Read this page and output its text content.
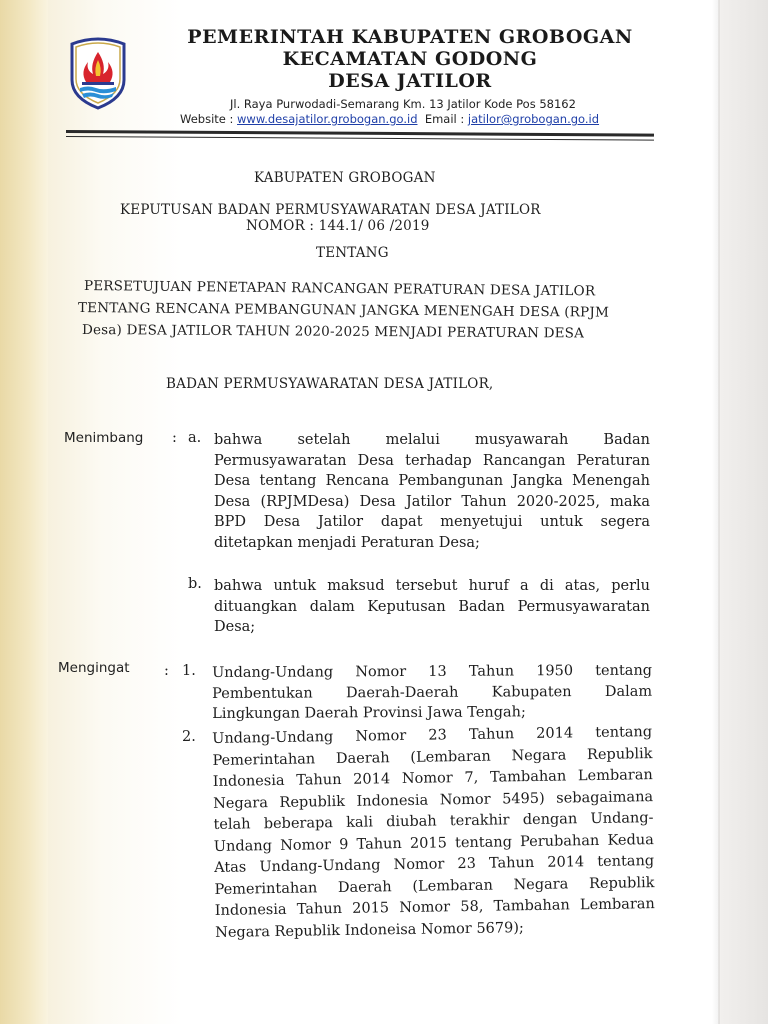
PEMERINTAH KABUPATEN GROBOGAN
KECAMATAN GODONG
DESA JATILOR
Jl. Raya Purwodadi-Semarang Km. 13 Jatilor Kode Pos 58162
Website : www.desajatilor.grobogan.go.id Email : jatilor@grobogan.go.id
KABUPATEN GROBOGAN
KEPUTUSAN BADAN PERMUSYAWARATAN DESA JATILOR
NOMOR : 144.1/ 06 /2019
TENTANG
PERSETUJUAN PENETAPAN RANCANGAN PERATURAN DESA JATILOR
TENTANG RENCANA PEMBANGUNAN JANGKA MENENGAH DESA (RPJM
Desa) DESA JATILOR TAHUN 2020-2025 MENJADI PERATURAN DESA
BADAN PERMUSYAWARATAN DESA JATILOR,
Menimbang : a. bahwa setelah melalui musyawarah Badan Permusyawaratan Desa terhadap Rancangan Peraturan Desa tentang Rencana Pembangunan Jangka Menengah Desa (RPJMDesa) Desa Jatilor Tahun 2020-2025, maka BPD Desa Jatilor dapat menyetujui untuk segera ditetapkan menjadi Peraturan Desa;
b. bahwa untuk maksud tersebut huruf a di atas, perlu dituangkan dalam Keputusan Badan Permusyawaratan Desa;
Mengingat : 1. Undang-Undang Nomor 13 Tahun 1950 tentang Pembentukan Daerah-Daerah Kabupaten Dalam Lingkungan Daerah Provinsi Jawa Tengah;
2. Undang-Undang Nomor 23 Tahun 2014 tentang Pemerintahan Daerah (Lembaran Negara Republik Indonesia Tahun 2014 Nomor 7, Tambahan Lembaran Negara Republik Indonesia Nomor 5495) sebagaimana telah beberapa kali diubah terakhir dengan Undang-Undang Nomor 9 Tahun 2015 tentang Perubahan Kedua Atas Undang-Undang Nomor 23 Tahun 2014 tentang Pemerintahan Daerah (Lembaran Negara Republik Indonesia Tahun 2015 Nomor 58, Tambahan Lembaran Negara Republik Indoneisa Nomor 5679);
